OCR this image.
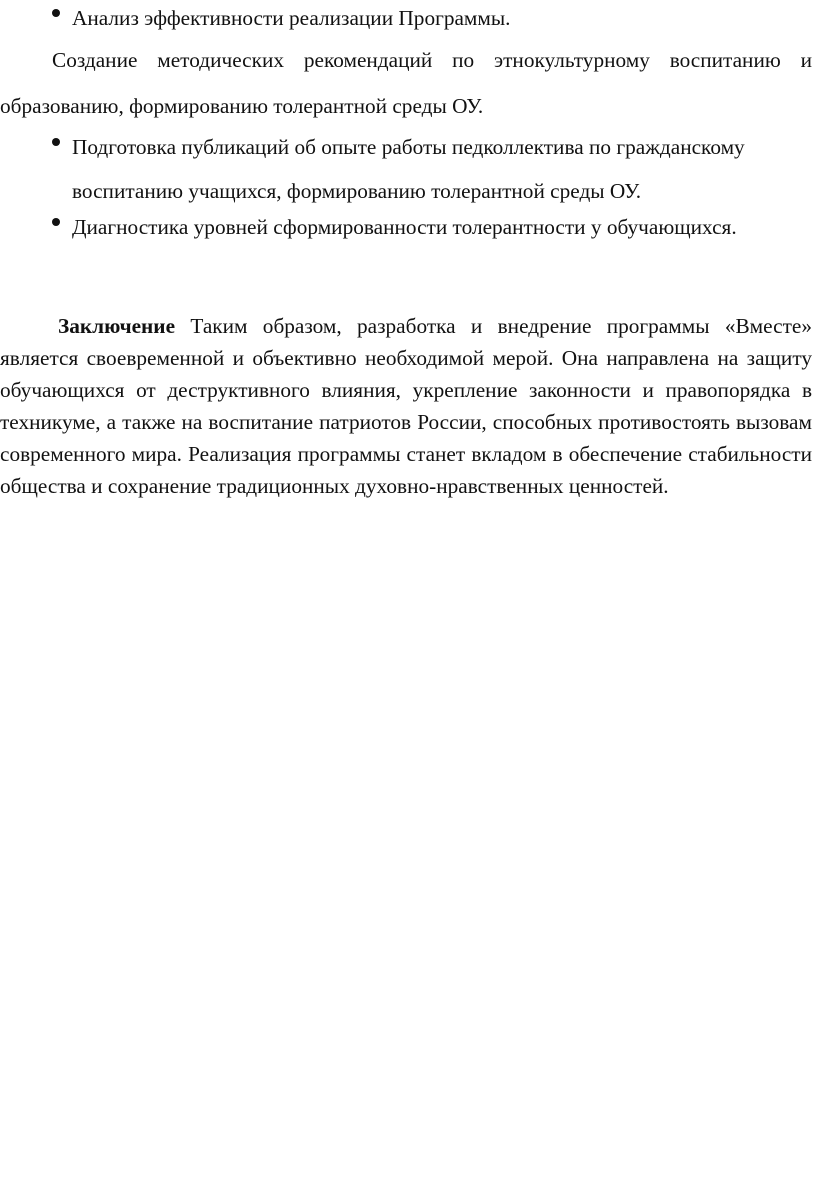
Анализ эффективности реализации Программы.
Создание методических рекомендаций по этнокультурному воспитанию и образованию, формированию толерантной среды ОУ.
Подготовка публикаций об опыте работы педколлектива по гражданскому воспитанию учащихся, формированию толерантной среды ОУ.
Диагностика уровней сформированности толерантности у обучающихся.
Заключение Таким образом, разработка и внедрение программы «Вместе» является своевременной и объективно необходимой мерой. Она направлена на защиту обучающихся от деструктивного влияния, укрепление законности и правопорядка в техникуме, а также на воспитание патриотов России, способных противостоять вызовам современного мира. Реализация программы станет вкладом в обеспечение стабильности общества и сохранение традиционных духовно-нравственных ценностей.
